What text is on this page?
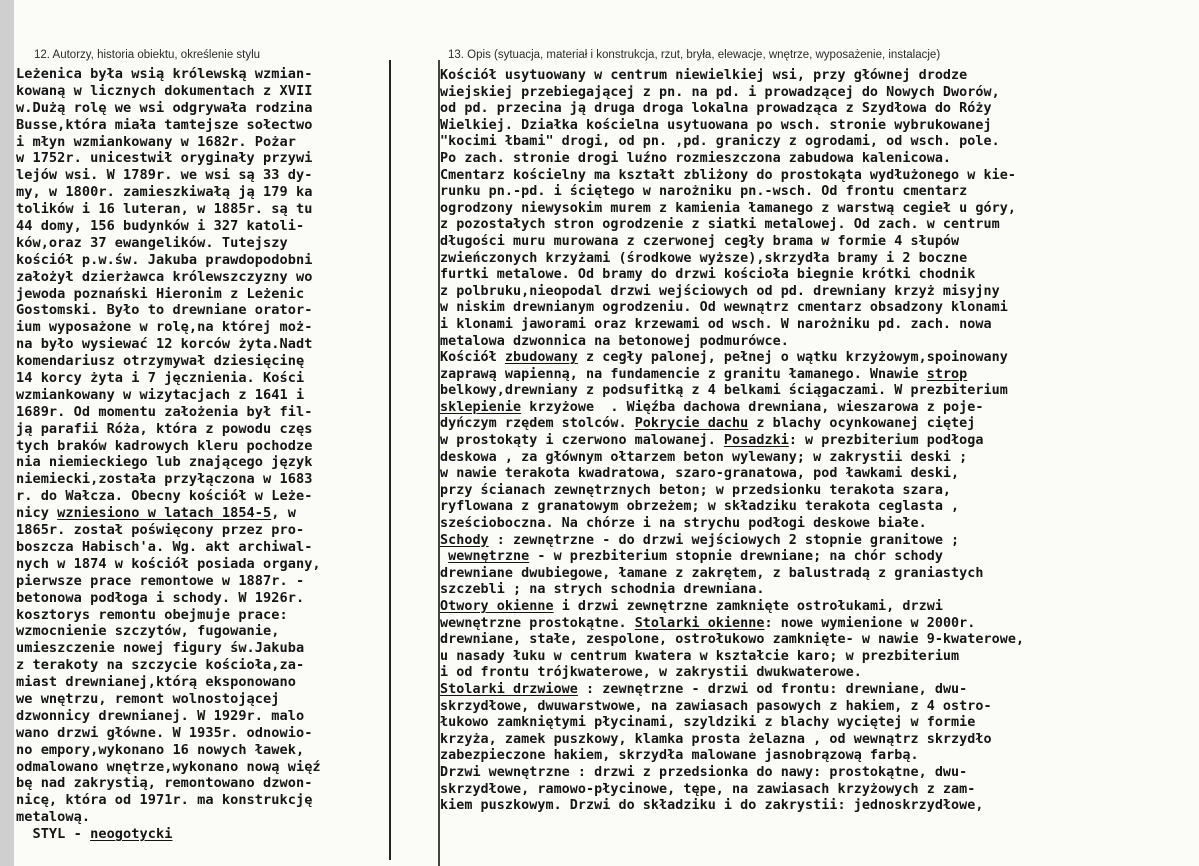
12. Autorzy, historia obiektu, określenie stylu	13. Opis (sytuacja, materiał i konstrukcja, rzut, bryła, elewacje, wnętrze, wyposażenie, instalacje)
Leżenica była wsią królewską wzmian-
kowaną w licznych dokumentach z XVII
w.Dużą rolę we wsi odgrywała rodzina
Busse,która miała tamtejsze sołectwo
i młyn wzmiankowany w 1682r. Pożar
w 1752r. unicestwił oryginały przywi
lejów wsi. W 1789r. we wsi są 33 dy-
my, w 1800r. zamieszkiwałą ją 179 ka
tolików i 16 luteran, w 1885r. są tu
44 domy, 156 budynków i 327 katoli-
ków,oraz 37 ewangelików. Tutejszy
kościół p.w.św. Jakuba prawdopodobni
założył dzierżawca królewszczyzny wo
jewoda poznański Hieronim z Leżenic
Gostomski. Było to drewniane orator-
ium wyposażone w rolę,na której moż-
na było wysiewać 12 korców żyta.Nadt
komendariusz otrzymywał dziesięcinę
14 korcy żyta i 7 jęcznienia. Kości
wzmiankowany w wizytacjach z 1641 i
1689r. Od momentu założenia był fil-
ją parafii Róża, która z powodu częs
tych braków kadrowych kleru pochodze
nia niemieckiego lub znającego język
niemiecki,została przyłączona w 1683
r. do Wałcza. Obecny kościół w Leże-
nicy wzniesiono w latach 1854-5, w
1865r. został poświęcony przez pro-
boszcza Habisch'a. Wg. akt archiwal-
nych w 1874 w kościół posiada organy,
pierwsze prace remontowe w 1887r. -
betonowa podłoga i schody. W 1926r.
kosztorys remontu obejmuje prace:
wzmocnienie szczytów, fugowanie,
umieszczenie nowej figury św.Jakuba
z terakoty na szczycie kościoła,za-
miast drewnianej,którą eksponowano
we wnętrzu, remont wolnostojącej
dzwonnicy drewnianej. W 1929r. malo
wano drzwi główne. W 1935r. odnowio-
no empory,wykonano 16 nowych ławek,
odmalowano wnętrze,wykonano nową więź
bę nad zakrystią, remontowano dzwon-
nicę, która od 1971r. ma konstrukcję
metalową.
STYL - neogotycki
Kościół usytuowany w centrum niewielkiej wsi, przy głównej drodze
wiejskiej przebiegającej z pn. na pd. i prowadzącej do Nowych Dworów,
od pd. przecina ją druga droga lokalna prowadząca z Szydłowa do Róży
Wielkiej. Działka kościelna usytuowana po wsch. stronie wybrukowanej
"kocimi łbami" drogi, od pn. ,pd. graniczy z ogrodami, od wsch. pole.
Po zach. stronie drogi luźno rozmieszczona zabudowa kalenicowa.
Cmentarz kościelny ma kształt zbliżony do prostokąta wydłużonego w kie-
runku pn.-pd. i ściętego w narożniku pn.-wsch. Od frontu cmentarz
ogrodzony niewysokim murem z kamienia łamanego z warstwą cegieł u góry,
z pozostałych stron ogrodzenie z siatki metalowej. Od zach. w centrum
długości muru murowana z czerwonej cegły brama w formie 4 słupów
zwieńczonych krzyżami (środkowe wyższe),skrzydła bramy i 2 boczne
furtki metalowe. Od bramy do drzwi kościoła biegnie krótki chodnik
z polbruku,nieopodal drzwi wejściowych od pd. drewniany krzyż misyjny
w niskim drewnianym ogrodzeniu. Od wewnątrz cmentarz obsadzony klonami
i klonami jaworami oraz krzewami od wsch. W narożniku pd. zach. nowa
metalowa dzwonnica na betonowej podmurówce.
Kościół zbudowany z cegły palonej, pełnej o wątku krzyżowym,spoinowany
zaprawą wapienną, na fundamencie z granitu łamanego. Wnawie strop
belkowy,drewniany z podsufitką z 4 belkami ściągaczami. W prezbiterium
sklepienie krzyżowe  . Więźba dachowa drewniana, wieszarowa z poje-
dyńczym rzędem stolców. Pokrycie dachu z blachy ocynkowanej ciętej
w prostokąty i czerwono malowanej. Posadzki: w prezbiterium podłoga
deskowa , za głównym ołtarzem beton wylewany; w zakrystii deski ;
w nawie terakota kwadratowa, szaro-granatowa, pod ławkami deski,
przy ścianach zewnętrznych beton; w przedsionku terakota szara,
ryflowana z granatowym obrzeżem; w składziku terakota ceglasta ,
sześcioboczna. Na chórze i na strychu podłogi deskowe białe.
Schody : zewnętrzne - do drzwi wejściowych 2 stopnie granitowe ;
wewnętrzne - w prezbiterium stopnie drewniane; na chór schody
drewniane dwubiegowe, łamane z zakrętem, z balustradą z graniastych
szczebli ; na strych schodnia drewniana.
Otwory okienne i drzwi zewnętrzne zamknięte ostrołukami, drzwi
wewnętrzne prostokątne. Stolarki okienne: nowe wymienione w 2000r.
drewniane, stałe, zespolone, ostrołukowo zamknięte- w nawie 9-kwaterowe,
u nasady łuku w centrum kwatera w kształcie karo; w prezbiterium
i od frontu trójkwaterowe, w zakrystii dwukwaterowe.
Stolarki drzwiowe : zewnętrzne - drzwi od frontu: drewniane, dwu-
skrzydłowe, dwuwarstwowe, na zawiasach pasowych z hakiem, z 4 ostro-
łukowo zamkniętymi płycinami, szyldziki z blachy wyciętej w formie
krzyża, zamek puszkowy, klamka prosta żelazna , od wewnątrz skrzydło
zabezpieczone hakiem, skrzydła malowane jasnobrązową farbą.
Drzwi wewnętrzne : drzwi z przedsionka do nawy: prostokątne, dwu-
skrzydłowe, ramowo-płycinowe, tępe, na zawiasach krzyżowych z zam-
kiem puszkowym. Drzwi do składziku i do zakrystii: jednoskrzydłowe,
